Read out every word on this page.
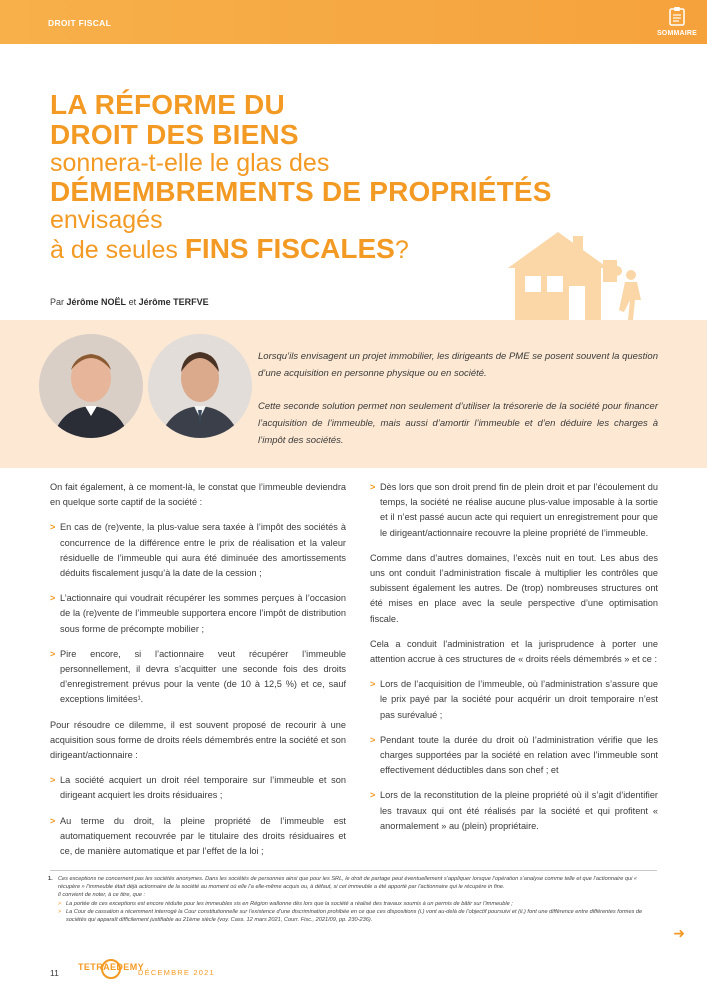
DROIT FISCAL
SOMMAIRE
LA RÉFORME DU
DROIT DES BIENS
sonnera-t-elle le glas des
DÉMEMBREMENTS DE PROPRIÉTÉS
envisagés
à de seules FINS FISCALES?
Par Jérôme NOËL et Jérôme TERFVE

Lorsqu’ils envisagent un projet immobilier, les dirigeants de PME se posent souvent la question d’une acquisition en personne physique ou en société.

Cette seconde solution permet non seulement d’utiliser la trésorerie de la société pour financer l’acquisition de l’immeuble, mais aussi d’amortir l’immeuble et d’en déduire les charges à l’impôt des sociétés.

On fait également, à ce moment-là, le constat que l’immeuble deviendra en quelque sorte captif de la société :

> En cas de (re)vente, la plus-value sera taxée à l’impôt des sociétés à concurrence de la différence entre le prix de réalisation et la valeur résiduelle de l’immeuble qui aura été diminuée des amortissements déduits fiscalement jusqu’à la date de la cession ;
> L’actionnaire qui voudrait récupérer les sommes perçues à l’occasion de la (re)vente de l’immeuble supportera encore l’impôt de distribution sous forme de précompte mobilier ;
> Pire encore, si l’actionnaire veut récupérer l’immeuble personnellement, il devra s’acquitter une seconde fois des droits d’enregistrement prévus pour la vente (de 10 à 12,5 %) et ce, sauf exceptions limitées¹.

Pour résoudre ce dilemme, il est souvent proposé de recourir à une acquisition sous forme de droits réels démembrés entre la société et son dirigeant/actionnaire :

> La société acquiert un droit réel temporaire sur l’immeuble et son dirigeant acquiert les droits résiduaires ;
> Au terme du droit, la pleine propriété de l’immeuble est automatiquement recouvrée par le titulaire des droits résiduaires et ce, de manière automatique et par l’effet de la loi ;
> Dès lors que son droit prend fin de plein droit et par l’écoulement du temps, la société ne réalise aucune plus-value imposable à la sortie et il n’est passé aucun acte qui requiert un enregistrement pour que le dirigeant/actionnaire recouvre la pleine propriété de l’immeuble.

Comme dans d’autres domaines, l’excès nuit en tout. Les abus des uns ont conduit l’administration fiscale à multiplier les contrôles que subissent également les autres. De (trop) nombreuses structures ont été mises en place avec la seule perspective d’une optimisation fiscale.

Cela a conduit l’administration et la jurisprudence à porter une attention accrue à ces structures de « droits réels démembrés » et ce :

> Lors de l’acquisition de l’immeuble, où l’administration s’assure que le prix payé par la société pour acquérir un droit temporaire n’est pas surévalué ;
> Pendant toute la durée du droit où l’administration vérifie que les charges supportées par la société en relation avec l’immeuble sont effectivement déductibles dans son chef ; et
> Lors de la reconstitution de la pleine propriété où il s’agit d’identifier les travaux qui ont été réalisés par la société et qui profitent « anormalement » au (plein) propriétaire.
1. Ces exceptions ne concernent pas les sociétés anonymes. Dans les sociétés de personnes ainsi que pour les SRL, le droit de partage peut éventuellement s’appliquer lorsque l’opération s’analyse comme telle et que l’actionnaire qui « récupère » l’immeuble était déjà actionnaire de la société au moment où elle l’a elle-même acquis ou, à défaut, si cet immeuble a été apporté par l’actionnaire qui le récupère in fine.
Il convient de noter, à ce titre, que :
> La portée de ces exceptions est encore réduite pour les immeubles sis en Région wallonne dès lors que la société a réalisé des travaux soumis à un permis de bâtir sur l’immeuble ;
> La Cour de cassation a récemment interrogé la Cour constitutionnelle sur l’existence d’une discrimination prohibée en ce que ces dispositions (i.) vont au-delà de l’objectif poursuivi et (ii.) font une différence entre différentes formes de sociétés qui apparaît difficilement justifiable au 21ème siècle (voy. Cass. 12 mars 2021, Courr. Fisc., 2021/09, pp. 230-236).
➜
11
TETRAEDEMY
DÉCEMBRE 2021
